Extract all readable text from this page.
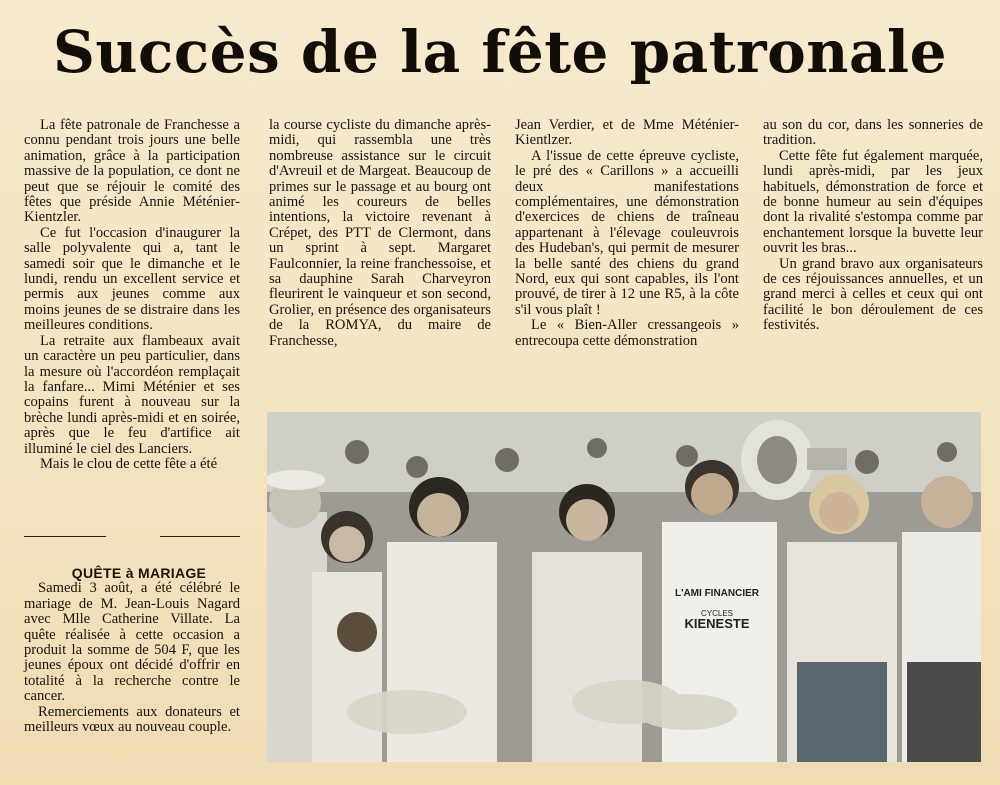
Succès de la fête patronale

La fête patronale de Franchesse a connu pendant trois jours une belle animation, grâce à la participation massive de la population, ce dont ne peut que se réjouir le comité des fêtes que préside Annie Méténier-Kientzler.

Ce fut l'occasion d'inaugurer la salle polyvalente qui a, tant le samedi soir que le dimanche et le lundi, rendu un excellent service et permis aux jeunes comme aux moins jeunes de se distraire dans les meilleures conditions.

La retraite aux flambeaux avait un caractère un peu particulier, dans la mesure où l'accordéon remplaçait la fanfare... Mimi Méténier et ses copains furent à nouveau sur la brèche lundi après-midi et en soirée, après que le feu d'artifice ait illuminé le ciel des Lanciers.

Mais le clou de cette fête a été

la course cycliste du dimanche après-midi, qui rassembla une très nombreuse assistance sur le circuit d'Avreuil et de Margeat. Beaucoup de primes sur le passage et au bourg ont animé les coureurs de belles intentions, la victoire revenant à Crépet, des PTT de Clermont, dans un sprint à sept. Margaret Faulconnier, la reine franchessoise, et sa dauphine Sarah Charveyron fleurirent le vainqueur et son second, Grolier, en présence des organisateurs de la ROMYA, du maire de Franchesse,

Jean Verdier, et de Mme Méténier-Kientlzer.

A l'issue de cette épreuve cycliste, le pré des « Carillons » a accueilli deux manifestations complémentaires, une démonstration d'exercices de chiens de traîneau appartenant à l'élevage couleuvrois des Hudeban's, qui permit de mesurer la belle santé des chiens du grand Nord, eux qui sont capables, ils l'ont prouvé, de tirer à 12 une R5, à la côte s'il vous plaît !

Le « Bien-Aller cressangeois » entrecoupa cette démonstration

au son du cor, dans les sonneries de tradition.

Cette fête fut également marquée, lundi après-midi, par les jeux habituels, démonstration de force et de bonne humeur au sein d'équipes dont la rivalité s'estompa comme par enchantement lorsque la buvette leur ouvrit les bras...

Un grand bravo aux organisateurs de ces réjouissances annuelles, et un grand merci à celles et ceux qui ont facilité le bon déroulement de ces festivités.

QUÊTE à MARIAGE

Samedi 3 août, a été célébré le mariage de M. Jean-Louis Nagard avec Mlle Catherine Villate. La quête réalisée à cette occasion a produit la somme de 504 F, que les jeunes époux ont décidé d'offrir en totalité à la recherche contre le cancer.

Remerciements aux donateurs et meilleurs vœux au nouveau couple.

L'AMI FINANCIER
CYCLES
KIENESTE
